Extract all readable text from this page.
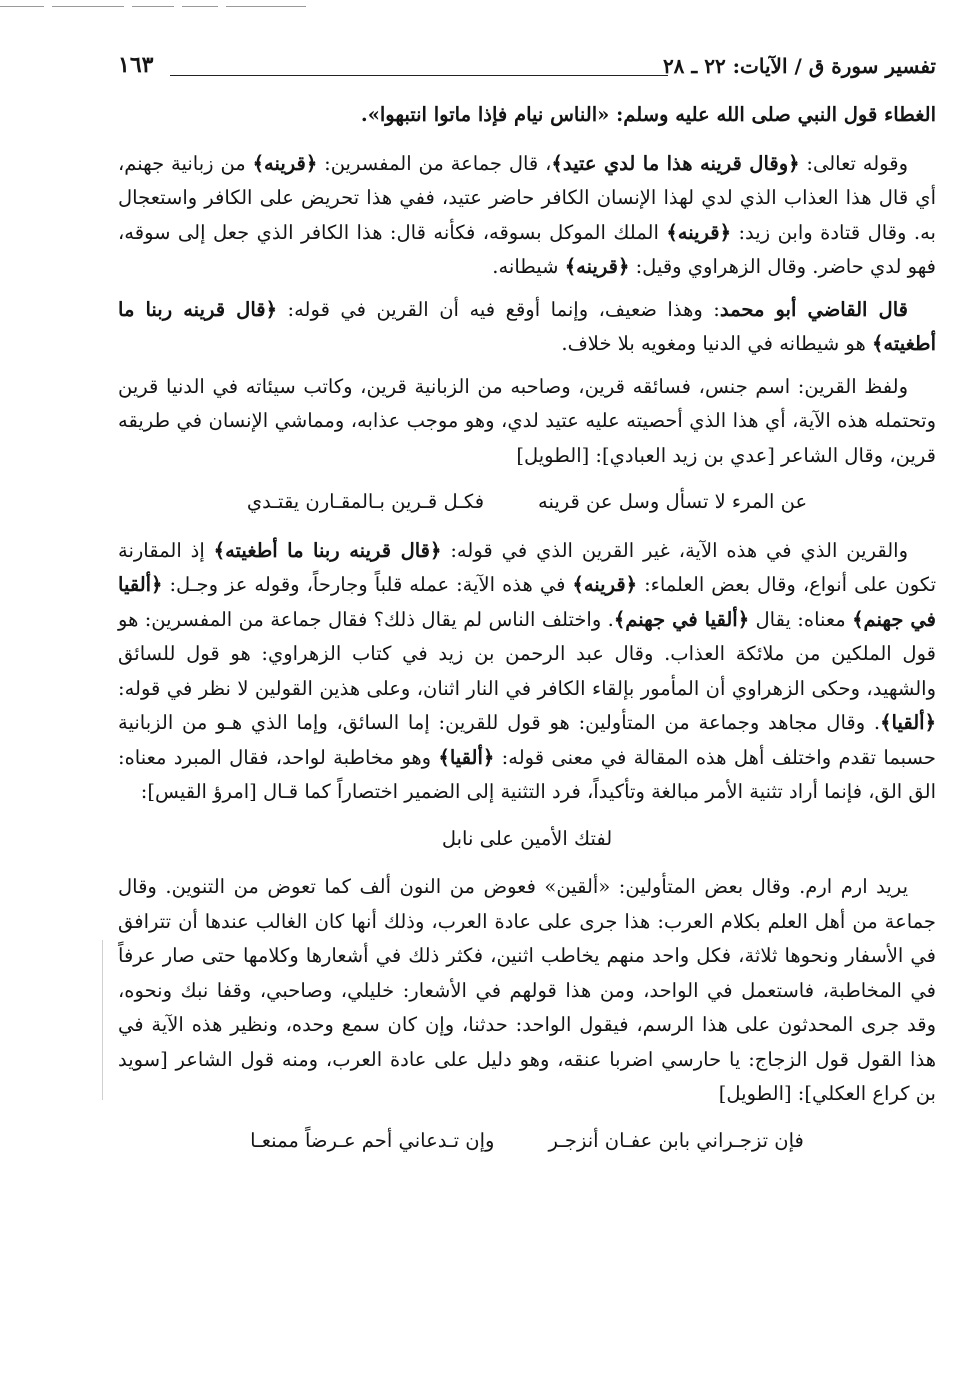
تفسير سورة ق / الآيات: ٢٢ ـ ٢٨
١٦٣

الغطاء قول النبي صلى الله عليه وسلم: «الناس نيام فإذا ماتوا انتبهوا».

وقوله تعالى: ﴿وقال قرينه هذا ما لدي عتيد﴾، قال جماعة من المفسرين: ﴿قرينه﴾ من زبانية جهنم، أي قال هذا العذاب الذي لدي لهذا الإنسان الكافر حاضر عتيد، ففي هذا تحريض على الكافر واستعجال به. وقال قتادة وابن زيد: ﴿قرينه﴾ الملك الموكل بسوقه، فكأنه قال: هذا الكافر الذي جعل إلى سوقه، فهو لدي حاضر. وقال الزهراوي وقيل: ﴿قرينه﴾ شيطانه.

قال القاضي أبو محمد: وهذا ضعيف، وإنما أوقع فيه أن القرين في قوله: ﴿قال قرينه ربنا ما أطغيته﴾ هو شيطانه في الدنيا ومغويه بلا خلاف.

ولفظ القرين: اسم جنس، فسائقه قرين، وصاحبه من الزبانية قرين، وكاتب سيئاته في الدنيا قرين وتحتمله هذه الآية، أي هذا الذي أحصيته عليه عتيد لدي، وهو موجب عذابه، ومماشي الإنسان في طريقه قرين، وقال الشاعر [عدي بن زيد العبادي]: [الطويل]

عن المرء لا تسأل وسل عن قرينهفكـل قـرين بـالمقـارن يقتـدي

والقرين الذي في هذه الآية، غير القرين الذي في قوله: ﴿قال قرينه ربنا ما أطغيته﴾ إذ المقارنة تكون على أنواع، وقال بعض العلماء: ﴿قرينه﴾ في هذه الآية: عمله قلباً وجارحاً، وقوله عز وجـل: ﴿ألقيا في جهنم﴾ معناه: يقال ﴿ألقيا في جهنم﴾. واختلف الناس لم يقال ذلك؟ فقال جماعة من المفسرين: هو قول الملكين من ملائكة العذاب. وقال عبد الرحمن بن زيد في كتاب الزهراوي: هو قول للسائق والشهيد، وحكى الزهراوي أن المأمور بإلقاء الكافر في النار اثنان، وعلى هذين القولين لا نظر في قوله: ﴿ألقيا﴾. وقال مجاهد وجماعة من المتأولين: هو قول للقرين: إما السائق، وإما الذي هـو من الزبانية حسبما تقدم واختلف أهل هذه المقالة في معنى قوله: ﴿ألقيا﴾ وهو مخاطبة لواحد، فقال المبرد معناه: الق الق، فإنما أراد تثنية الأمر مبالغة وتأكيداً، فرد التثنية إلى الضمير اختصاراً كما قـال [امرؤ القيس]:

لفتك الأمين على نابل

يريد ارم ارم. وقال بعض المتأولين: «ألقين» فعوض من النون ألف كما تعوض من التنوين. وقال جماعة من أهل العلم بكلام العرب: هذا جرى على عادة العرب، وذلك أنها كان الغالب عندها أن تترافق في الأسفار ونحوها ثلاثة، فكل واحد منهم يخاطب اثنين، فكثر ذلك في أشعارها وكلامها حتى صار عرفاً في المخاطبة، فاستعمل في الواحد، ومن هذا قولهم في الأشعار: خليلي، وصاحبي، وقفا نبك ونحوه، وقد جرى المحدثون على هذا الرسم، فيقول الواحد: حدثنا، وإن كان سمع وحده، ونظير هذه الآية في هذا القول قول الزجاج: يا حارسي اضربا عنقه، وهو دليل على عادة العرب، ومنه قول الشاعر [سويد بن كراع العكلي]: [الطويل]

فإن تزجـراني بابن عفـان أنزجـروإن تـدعاني أحم عـرضاً ممنعـا
